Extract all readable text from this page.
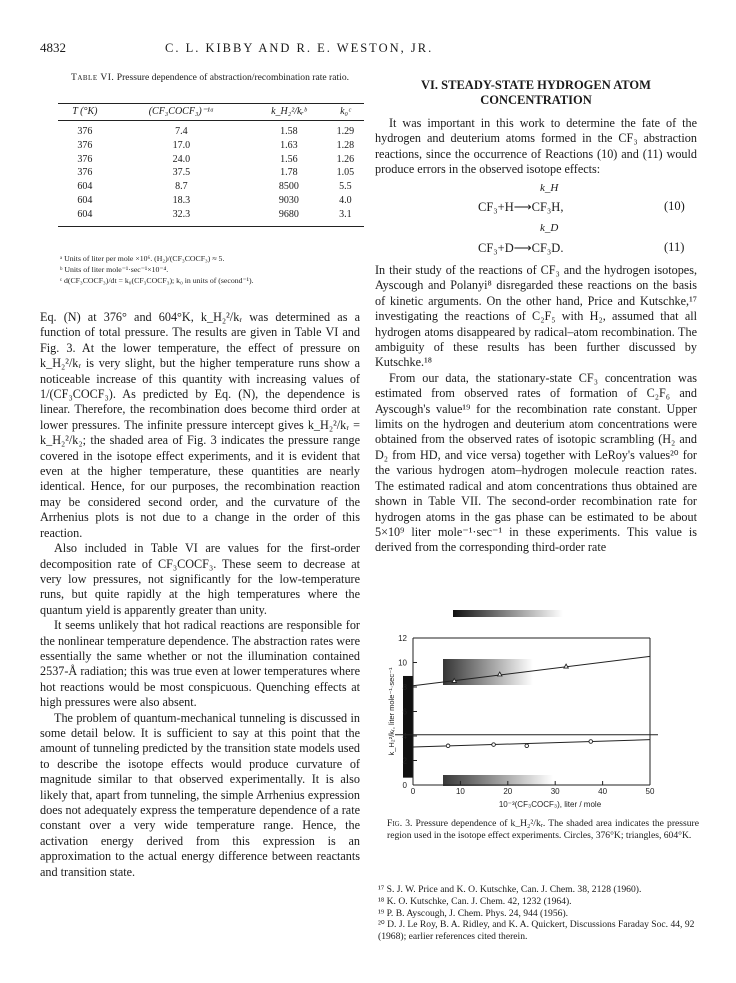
4832	C. L. KIBBY AND R. E. WESTON, JR.
Table VI. Pressure dependence of abstraction/recombination rate ratio.
T (°K)	(CF₃COCF₃)⁻¹ᵃ	k_H₂²/kᵣᵇ	k₀ᶜ
376	7.4	1.58	1.29
376	17.0	1.63	1.28
376	24.0	1.56	1.26
376	37.5	1.78	1.05
604	8.7	8500	5.5
604	18.3	9030	4.0
604	32.3	9680	3.1
ᵃ Units of liter per mole ×10⁶. (H₂)/(CF₃COCF₃) ≈ 5.
ᵇ Units of liter mole⁻¹·sec⁻¹×10⁻⁴.
ᶜ d(CF₃COCF₃)/dt = k₀(CF₃COCF₃); k₀ in units of (second⁻¹).

Eq. (N) at 376° and 604°K, k_H₂²/kᵣ was determined as a function of total pressure. The results are given in Table VI and Fig. 3. At the lower temperature, the effect of pressure on k_H₂²/kᵣ is very slight, but the higher temperature runs show a noticeable increase of this quantity with increasing values of 1/(CF₃COCF₃). As predicted by Eq. (N), the dependence is linear. Therefore, the recombination does become third order at lower pressures. The infinite pressure intercept gives k_H₂²/kᵣ = k_H₂²/k₂; the shaded area of Fig. 3 indicates the pressure range covered in the isotope effect experiments, and it is evident that even at the higher temperature, these quantities are nearly identical. Hence, for our purposes, the recombination reaction may be considered second order, and the curvature of the Arrhenius plots is not due to a change in the order of this reaction.

Also included in Table VI are values for the first-order decomposition rate of CF₃COCF₃. These seem to decrease at very low pressures, not significantly for the low-temperature runs, but quite rapidly at the high temperatures where the quantum yield is apparently greater than unity.

It seems unlikely that hot radical reactions are responsible for the nonlinear temperature dependence. The abstraction rates were essentially the same whether or not the illumination contained 2537-Å radiation; this was true even at lower temperatures where hot reactions would be most conspicuous. Quenching effects at high pressures were also absent.

The problem of quantum-mechanical tunneling is discussed in some detail below. It is sufficient to say at this point that the amount of tunneling predicted by the transition state models used to describe the isotope effects would produce curvature of magnitude similar to that observed experimentally. It is also likely that, apart from tunneling, the simple Arrhenius expression does not adequately express the temperature dependence of a rate constant over a very wide temperature range. Hence, the activation energy derived from this expression is an approximation to the actual energy difference between reactants and transition state.

VI. STEADY-STATE HYDROGEN ATOM CONCENTRATION

It was important in this work to determine the fate of the hydrogen and deuterium atoms formed in the CF₃ abstraction reactions, since the occurrence of Reactions (10) and (11) would produce errors in the observed isotope effects:

k_H
CF₃+H⟶CF₃H,	(10)
k_D
CF₃+D⟶CF₃D.	(11)

In their study of the reactions of CF₃ and the hydrogen isotopes, Ayscough and Polanyi⁸ disregarded these reactions on the basis of kinetic arguments. On the other hand, Price and Kutschke,¹⁷ investigating the reactions of C₂F₅ with H₂, assumed that all hydrogen atoms disappeared by radical–atom recombination. The ambiguity of these results has been further discussed by Kutschke.¹⁸

From our data, the stationary-state CF₃ concentration was estimated from observed rates of formation of C₂F₆ and Ayscough's value¹⁹ for the recombination rate constant. Upper limits on the hydrogen and deuterium atom concentrations were obtained from the observed rates of isotopic scrambling (H₂ and D₂ from HD, and vice versa) together with LeRoy's values²⁰ for the various hydrogen atom–hydrogen molecule reaction rates. The estimated radical and atom concentrations thus obtained are shown in Table VII. The second-order recombination rate for hydrogen atoms in the gas phase can be estimated to be about 5×10⁹ liter mole⁻¹·sec⁻¹ in these experiments. This value is derived from the corresponding third-order rate

0
2
4
6
8
10
12
0	10	20	30	40	50
k_H₂²/kᵣ, liter mole⁻¹·sec⁻¹
10⁻³(CF₃COCF₃), liter / mole
Fig. 3. Pressure dependence of k_H₂²/kᵣ. The shaded area indicates the pressure region used in the isotope effect experiments. Circles, 376°K; triangles, 604°K.
¹⁷ S. J. W. Price and K. O. Kutschke, Can. J. Chem. 38, 2128 (1960).
¹⁸ K. O. Kutschke, Can. J. Chem. 42, 1232 (1964).
¹⁹ P. B. Ayscough, J. Chem. Phys. 24, 944 (1956).
²⁰ D. J. Le Roy, B. A. Ridley, and K. A. Quickert, Discussions Faraday Soc. 44, 92 (1968); earlier references cited therein.
